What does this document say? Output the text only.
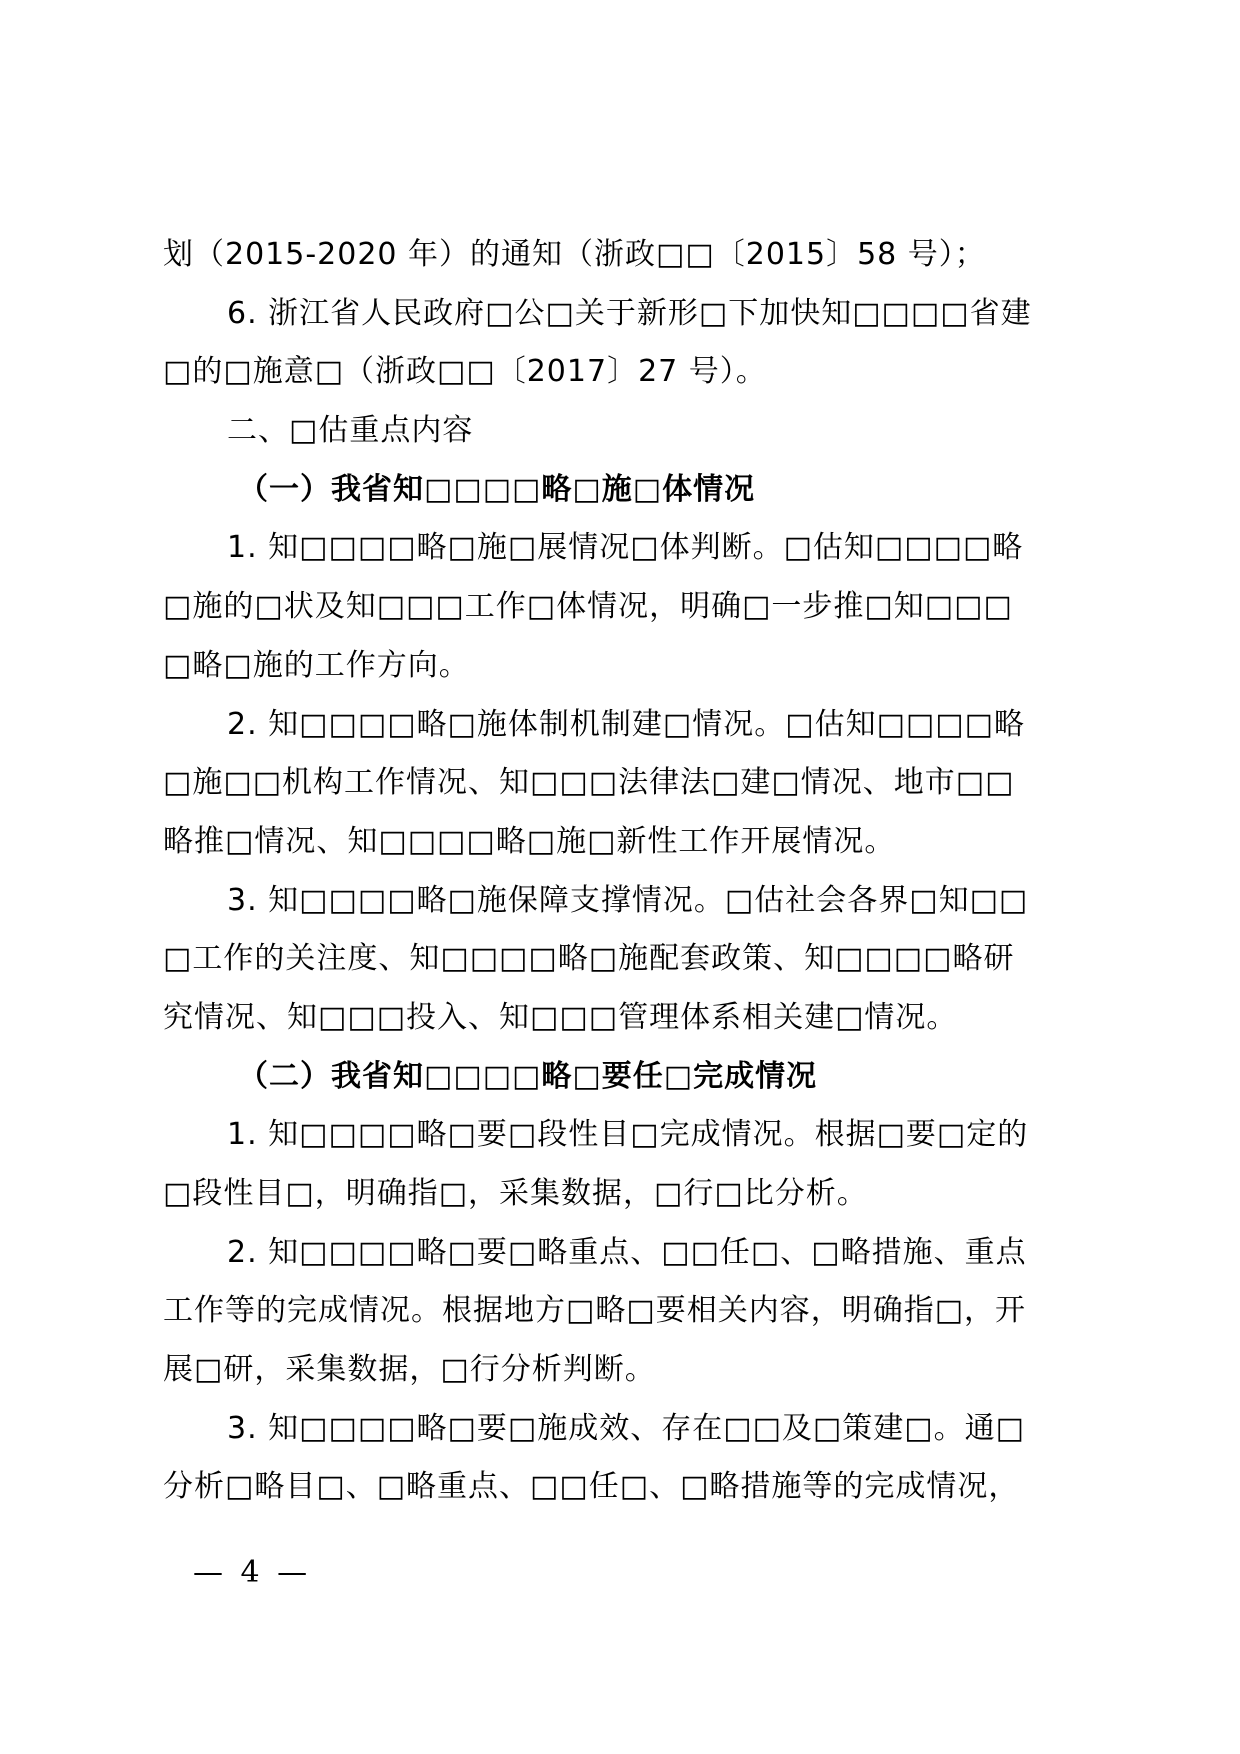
划（2015-2020 年）的通知（浙政□□〔2015〕58 号）；
6. 浙江省人民政府□公□关于新形□下加快知□□□□省建
□的□施意□（浙政□□〔2017〕27 号）。
二、□估重点内容
（一）我省知□□□□略□施□体情况
1. 知□□□□略□施□展情况□体判断。□估知□□□□略
□施的□状及知□□□工作□体情况，明确□一步推□知□□□
□略□施的工作方向。
2. 知□□□□略□施体制机制建□情况。□估知□□□□略
□施□□机构工作情况、知□□□法律法□建□情况、地市□□
略推□情况、知□□□□略□施□新性工作开展情况。
3. 知□□□□略□施保障支撑情况。□估社会各界□知□□
□工作的关注度、知□□□□略□施配套政策、知□□□□略研
究情况、知□□□投入、知□□□管理体系相关建□情况。
（二）我省知□□□□略□要任□完成情况
1. 知□□□□略□要□段性目□完成情况。根据□要□定的
□段性目□，明确指□，采集数据，□行□比分析。
2. 知□□□□略□要□略重点、□□任□、□略措施、重点
工作等的完成情况。根据地方□略□要相关内容，明确指□，开
展□研，采集数据，□行分析判断。
3. 知□□□□略□要□施成效、存在□□及□策建□。通□
分析□略目□、□略重点、□□任□、□略措施等的完成情况，
— 4 —
